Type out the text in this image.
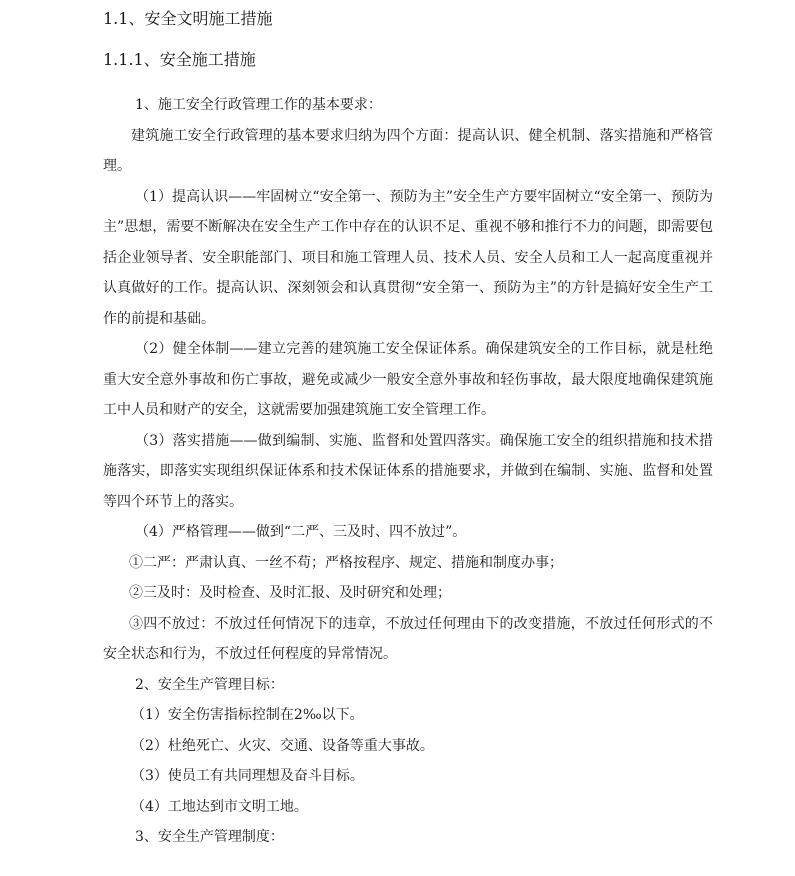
1.1、安全文明施工措施
1.1.1、安全施工措施

1、施工安全行政管理工作的基本要求：

建筑施工安全行政管理的基本要求归纳为四个方面：提高认识、健全机制、落实措施和严格管理。

（1）提高认识——牢固树立“安全第一、预防为主”安全生产方要牢固树立“安全第一、预防为主”思想，需要不断解决在安全生产工作中存在的认识不足、重视不够和推行不力的问题，即需要包括企业领导者、安全职能部门、项目和施工管理人员、技术人员、安全人员和工人一起高度重视并认真做好的工作。提高认识、深刻领会和认真贯彻“安全第一、预防为主”的方针是搞好安全生产工作的前提和基础。

（2）健全体制——建立完善的建筑施工安全保证体系。确保建筑安全的工作目标，就是杜绝重大安全意外事故和伤亡事故，避免或减少一般安全意外事故和轻伤事故，最大限度地确保建筑施工中人员和财产的安全，这就需要加强建筑施工安全管理工作。

（3）落实措施——做到编制、实施、监督和处置四落实。确保施工安全的组织措施和技术措施落实，即落实实现组织保证体系和技术保证体系的措施要求，并做到在编制、实施、监督和处置等四个环节上的落实。

（4）严格管理——做到“二严、三及时、四不放过”。

①二严：严肃认真、一丝不苟；严格按程序、规定、措施和制度办事；

②三及时：及时检查、及时汇报、及时研究和处理；

③四不放过：不放过任何情况下的违章，不放过任何理由下的改变措施，不放过任何形式的不安全状态和行为，不放过任何程度的异常情况。

2、安全生产管理目标：

（1）安全伤害指标控制在2‰以下。

（2）杜绝死亡、火灾、交通、设备等重大事故。

（3）使员工有共同理想及奋斗目标。

（4）工地达到市文明工地。

3、安全生产管理制度：
